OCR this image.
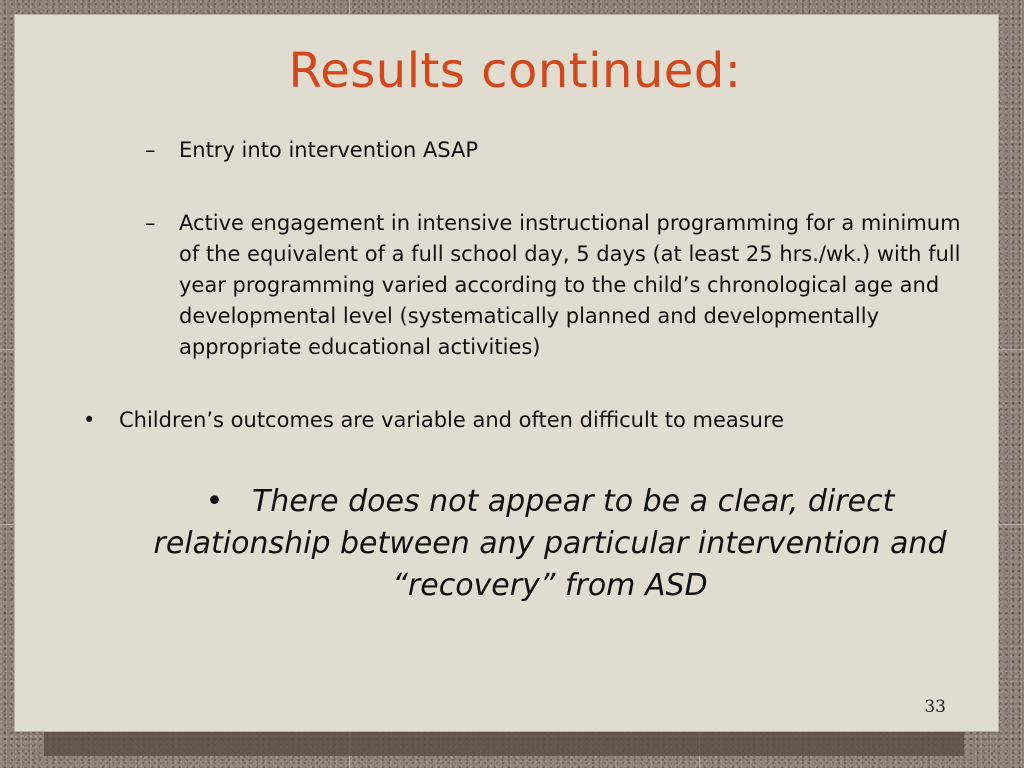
Results continued:
–	Entry into intervention ASAP
–	Active engagement in intensive instructional programming for a minimum of the equivalent of a full school day, 5 days (at least 25 hrs./wk.) with full year programming varied according to the child’s chronological age and developmental level (systematically planned and developmentally appropriate educational activities)
•	Children’s outcomes are variable and often difficult to measure
•   There does not appear to be a clear, direct relationship between any particular intervention and “recovery” from ASD
33
